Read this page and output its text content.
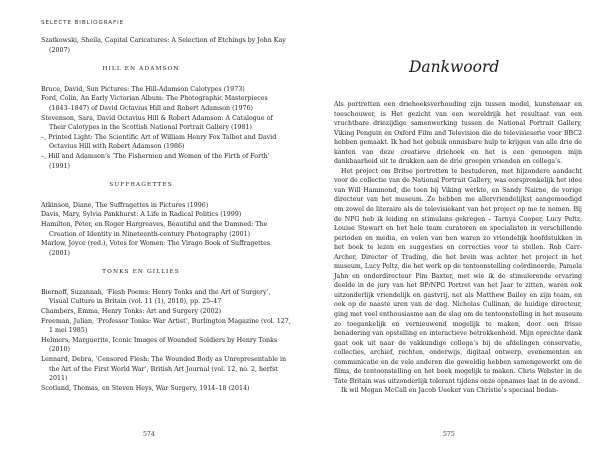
SELECTE BIBLIOGRAFIE
Szatkowski, Sheila, Capital Caricatures: A Selection of Etchings by John Kay (2007)
HILL EN ADAMSON
Bruce, David, Sun Pictures: The Hill-Adamson Calotypes (1973)
Ford, Colin, An Early Victorian Album: The Photographic Masterpieces (1843–1847) of David Octavius Hill and Robert Adamson (1976)
Stevenson, Sara, David Octavius Hill & Robert Adamson: A Catalogue of Their Calotypes in the Scottish National Portrait Gallery (1981)
–, Printed Light: The Scientific Art of William Henry Fox Talbot and David Octavius Hill with Robert Adamson (1986)
–, Hill and Adamson’s ‘The Fishermen and Women of the Firth of Forth’ (1991)
SUFFRAGETTES
Atkinson, Diane, The Suffragettes in Pictures (1996)
Davis, Mary, Sylvia Pankhurst: A Life in Radical Politics (1999)
Hamilton, Peter, en Roger Hargreaves, Beautiful and the Damned: The Creation of Identity in Nineteenth-century Photography (2001)
Marlow, Joyce (red.), Votes for Women: The Virago Book of Suffragettes (2001)
TONKS EN GILLIES
Biernoff, Suzannah, ‘Flesh Poems: Henry Tonks and the Art of Surgery’, Visual Culture in Britain (vol. 11 (1), 2010), pp. 25–47
Chambers, Emma, Henry Tonks: Art and Surgery (2002)
Freeman, Julian, ‘Professor Tonks: War Artist’, Burlington Magazine (vol. 127, 1 mei 1985)
Helmers, Marguerite, Iconic Images of Wounded Soldiers by Henry Tonks (2010)
Lennard, Debra, ‘Censored Flesh: The Wounded Body as Unrepresentable in the Art of the First World War’, British Art Journal (vol. 12, no. 2, herfst 2011)
Scotland, Thomas, en Steven Heys, War Surgery, 1914–18 (2014)
574
Dankwoord

Als portretten een driehoeksverhouding zijn tussen model, kunstenaar en toeschouwer, is Het gezicht van een wereldrijk het resultaat van een vruchtbare driezijdige samenwerking tussen de National Portrait Gallery, Viking Penguin en Oxford Film and Television die de televisieserie voor BBC2 hebben gemaakt. Ik had het gebuik onmisbare hulp te krijgen van alle drie de kanten van deze creatieve driehoek en het is een genoegen mijn dankbaarheid uit te drukken aan de drie groepen vrienden en collega’s.

Het project om Britse portretten te bestuderen, met bijzondere aandacht voor de collectie van de National Portrait Gallery, was oorspronkelijk het idee van Will Hammond, die toen bij Viking werkte, en Sandy Nairne, de vorige directeur van het museum. Ze hebben me allervriendelijkst aangemoedigd om zowel de literaire als de televisiekant van het project op me te nemen. Bij de NPG heb ik leiding en stimulans gekregen – Tarnya Cooper, Lucy Peltz, Louise Stewart en het hele team curatoren en specialisten in verschillende perioden en media, en velen van hen waren zo vriendelijk hoofdstukken in het boek te lezen en suggesties en correcties voor te stellen. Rob Carr-Archer, Director of Trading, die het brein was achter het project in het museum, Lucy Peltz, die het werk op de tentoonstelling coördineerde, Pamela Jahn en onderdirecteur Pim Baxter, met wie ik de stimulerende ervaring deelde in de jury van het BP/NPG Portret van het Jaar te zitten, waren ook uitzonderlijk vriendelijk en gastvrij, net als Matthew Bailey en zijn team, en ook op de naaste uren van de dag. Nicholas Cullinan, de huidige directeur, ging met veel enthousiasme aan de slag om de tentoonstelling in het museum zo toegankelijk en vernieuwend mogelijk te maken, door een frisse benadering van opstelling en interactieve betrokkenheid. Mijn oprechte dank gaat ook uit naar de vakkundige collega’s bij de afdelingen conservatie, collecties, archief, rechten, onderwijs, digitaal ontwerp, evenementen en communicatie en de vele anderen die geweldig hebben samengewerkt om de films, de tentoonstelling en het boek mogelijk te maken. Chris Webster in de Tate Britain was uitzonderlijk tolerant tijdens onze opnames laat in de avond.

Ik wil Megan McCall en Jacob Ueeker van Christie’s speciaal bedan-

575
